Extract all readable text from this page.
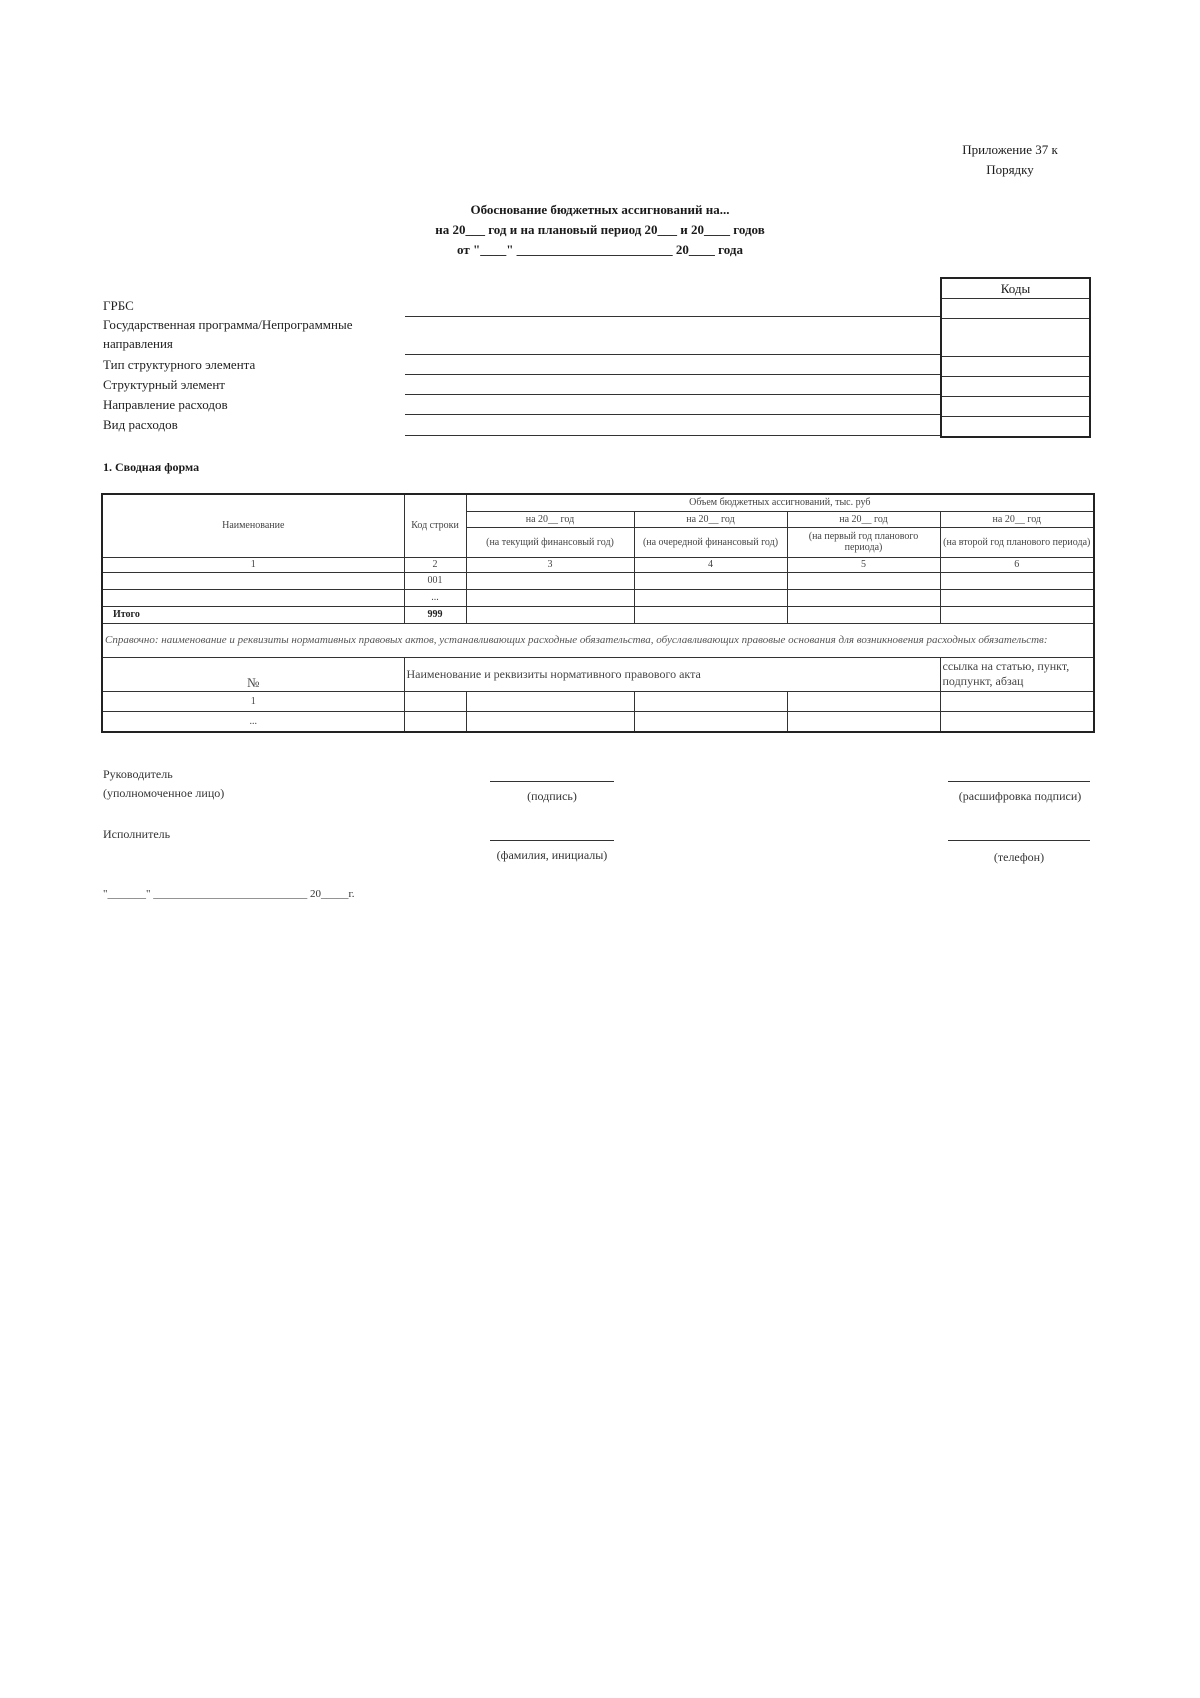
Приложение 37 к
Порядку
Обоснование бюджетных ассигнований на...
на 20___ год и на плановый период 20___ и 20____ годов
от "____" ________________________ 20____ года
ГРБС
Государственная программа/Непрограммные
направления
Тип структурного элемента
Структурный элемент
Направление расходов
Вид расходов
Коды
1. Сводная форма
Наименование	Код строки	Объем бюджетных ассигнований, тыс. руб			
		на 20__ год	на 20__ год	на 20__ год	на 20__ год
		(на текущий финансовый год)	(на очередной финансовый год)	(на первый год планового периода)	(на второй год планового периода)
1	2	3	4	5	6
	001				
	...				
Итого	999				
Справочно: наименование и реквизиты нормативных правовых актов, устанавливающих расходные обязательства, обуславливающих правовые основания для возникновения расходных обязательств:					
№	Наименование и реквизиты нормативного правового акта				ссылка на статью, пункт, подпункт, абзац
1					
...					
Руководитель
(уполномоченное лицо)	(подпись)	(расшифровка подписи)
Исполнитель
(фамилия, инициалы)	(телефон)
"_______" ____________________________ 20_____г.
